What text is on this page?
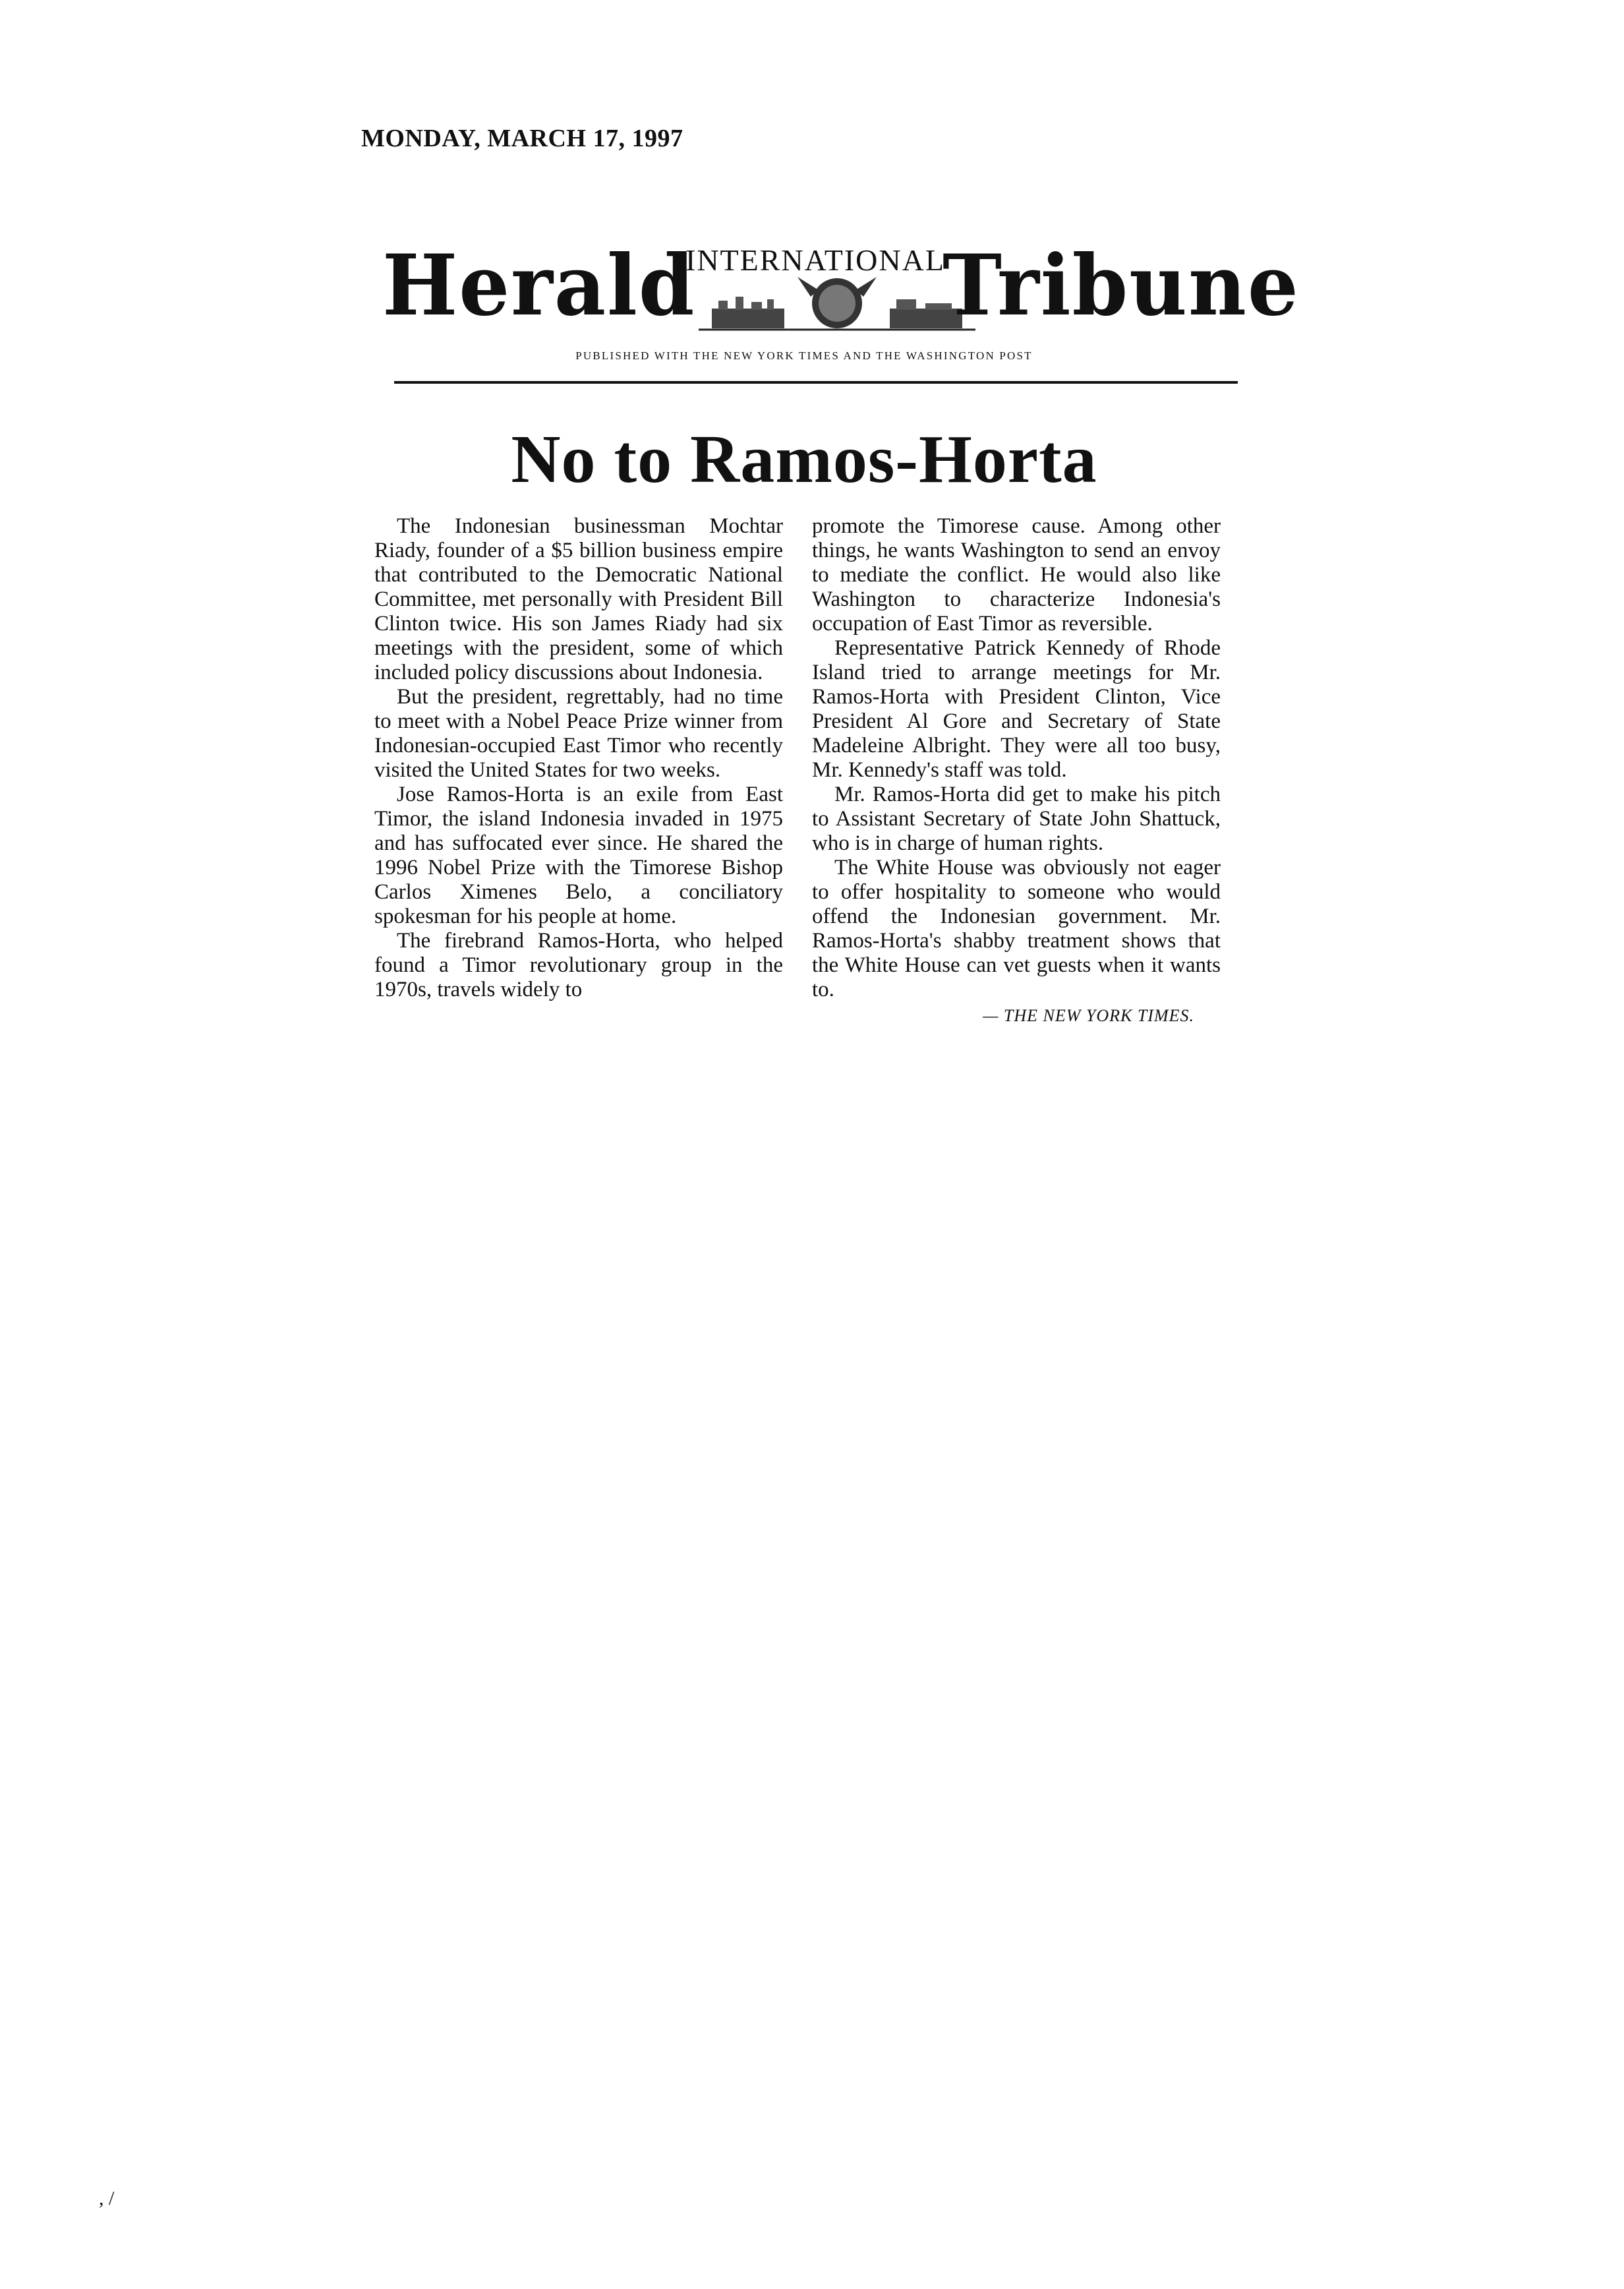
MONDAY, MARCH 17, 1997
Herald
INTERNATIONAL
Tribune
PUBLISHED WITH THE NEW YORK TIMES AND THE WASHINGTON POST
No to Ramos-Horta

The Indonesian businessman Mochtar Riady, founder of a $5 billion business empire that contributed to the Democratic National Committee, met personally with President Bill Clinton twice. His son James Riady had six meetings with the president, some of which included policy discussions about Indonesia.

But the president, regrettably, had no time to meet with a Nobel Peace Prize winner from Indonesian-occupied East Timor who recently visited the United States for two weeks.

Jose Ramos-Horta is an exile from East Timor, the island Indonesia invaded in 1975 and has suffocated ever since. He shared the 1996 Nobel Prize with the Timorese Bishop Carlos Ximenes Belo, a conciliatory spokesman for his people at home.

The firebrand Ramos-Horta, who helped found a Timor revolutionary group in the 1970s, travels widely to

promote the Timorese cause. Among other things, he wants Washington to send an envoy to mediate the conflict. He would also like Washington to characterize Indonesia's occupation of East Timor as reversible.

Representative Patrick Kennedy of Rhode Island tried to arrange meetings for Mr. Ramos-Horta with President Clinton, Vice President Al Gore and Secretary of State Madeleine Albright. They were all too busy, Mr. Kennedy's staff was told.

Mr. Ramos-Horta did get to make his pitch to Assistant Secretary of State John Shattuck, who is in charge of human rights.

The White House was obviously not eager to offer hospitality to someone who would offend the Indonesian government. Mr. Ramos-Horta's shabby treatment shows that the White House can vet guests when it wants to.

— THE NEW YORK TIMES.
, /
